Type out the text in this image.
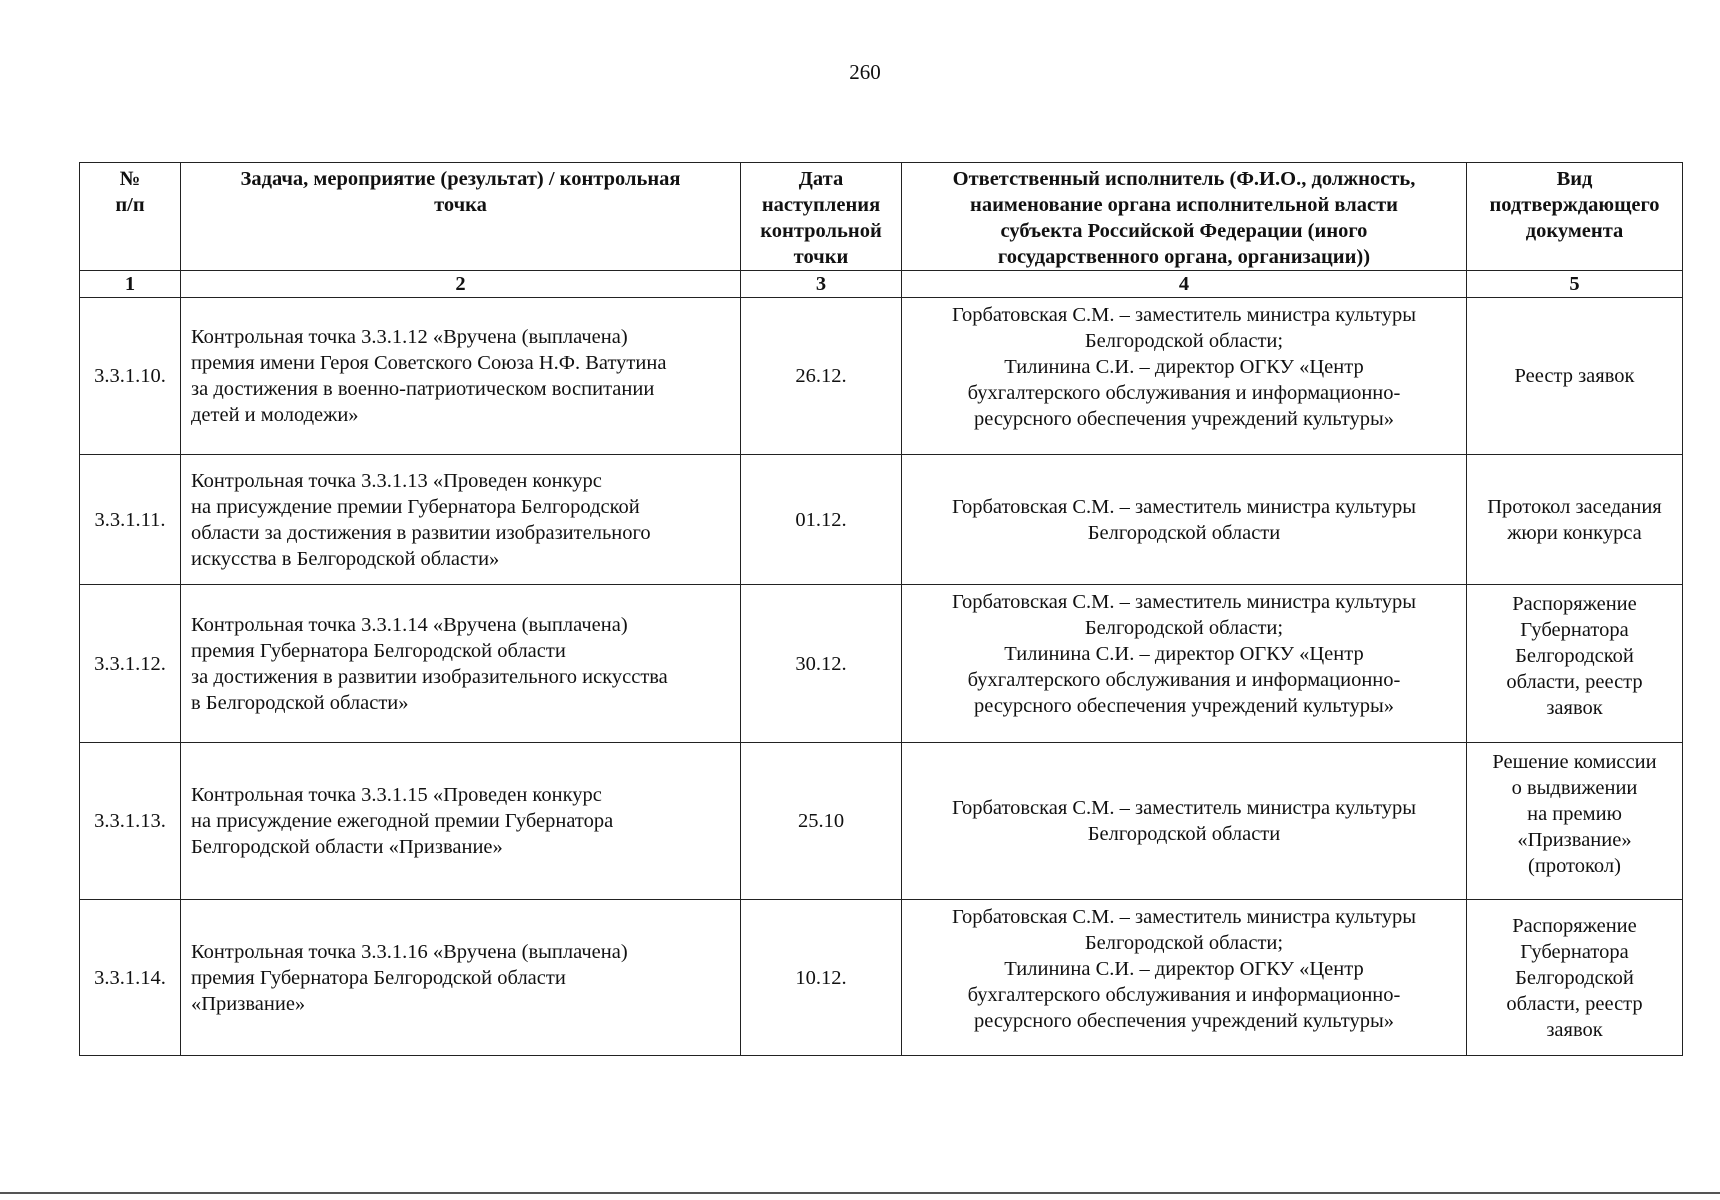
260
№
п/п	Задача, мероприятие (результат) / контрольная
точка	Дата
наступления
контрольной
точки	Ответственный исполнитель (Ф.И.О., должность,
наименование органа исполнительной власти
субъекта Российской Федерации (иного
государственного органа, организации))	Вид
подтверждающего
документа

1	2	3	4	5
3.3.1.10.	Контрольная точка 3.3.1.12 «Вручена (выплачена)
премия имени Героя Советского Союза Н.Ф. Ватутина
за достижения в военно-патриотическом воспитании
детей и молодежи»	26.12.	Горбатовская С.М. – заместитель министра культуры
Белгородской области;
Тилинина С.И. – директор ОГКУ «Центр
бухгалтерского обслуживания и информационно-
ресурсного обеспечения учреждений культуры»	Реестр заявок

3.3.1.11.	Контрольная точка 3.3.1.13 «Проведен конкурс
на присуждение премии Губернатора Белгородской
области за достижения в развитии изобразительного
искусства в Белгородской области»	01.12.	Горбатовская С.М. – заместитель министра культуры
Белгородской области	Протокол заседания
жюри конкурса

3.3.1.12.	Контрольная точка 3.3.1.14 «Вручена (выплачена)
премия Губернатора Белгородской области
за достижения в развитии изобразительного искусства
в Белгородской области»	30.12.	Горбатовская С.М. – заместитель министра культуры
Белгородской области;
Тилинина С.И. – директор ОГКУ «Центр
бухгалтерского обслуживания и информационно-
ресурсного обеспечения учреждений культуры»	Распоряжение
Губернатора
Белгородской
области, реестр
заявок

3.3.1.13.	Контрольная точка 3.3.1.15 «Проведен конкурс
на присуждение ежегодной премии Губернатора
Белгородской области «Призвание»	25.10	Горбатовская С.М. – заместитель министра культуры
Белгородской области	Решение комиссии
о выдвижении
на премию
«Призвание»
(протокол)

3.3.1.14.	Контрольная точка 3.3.1.16 «Вручена (выплачена)
премия Губернатора Белгородской области
«Призвание»	10.12.	Горбатовская С.М. – заместитель министра культуры
Белгородской области;
Тилинина С.И. – директор ОГКУ «Центр
бухгалтерского обслуживания и информационно-
ресурсного обеспечения учреждений культуры»	Распоряжение
Губернатора
Белгородской
области, реестр
заявок
